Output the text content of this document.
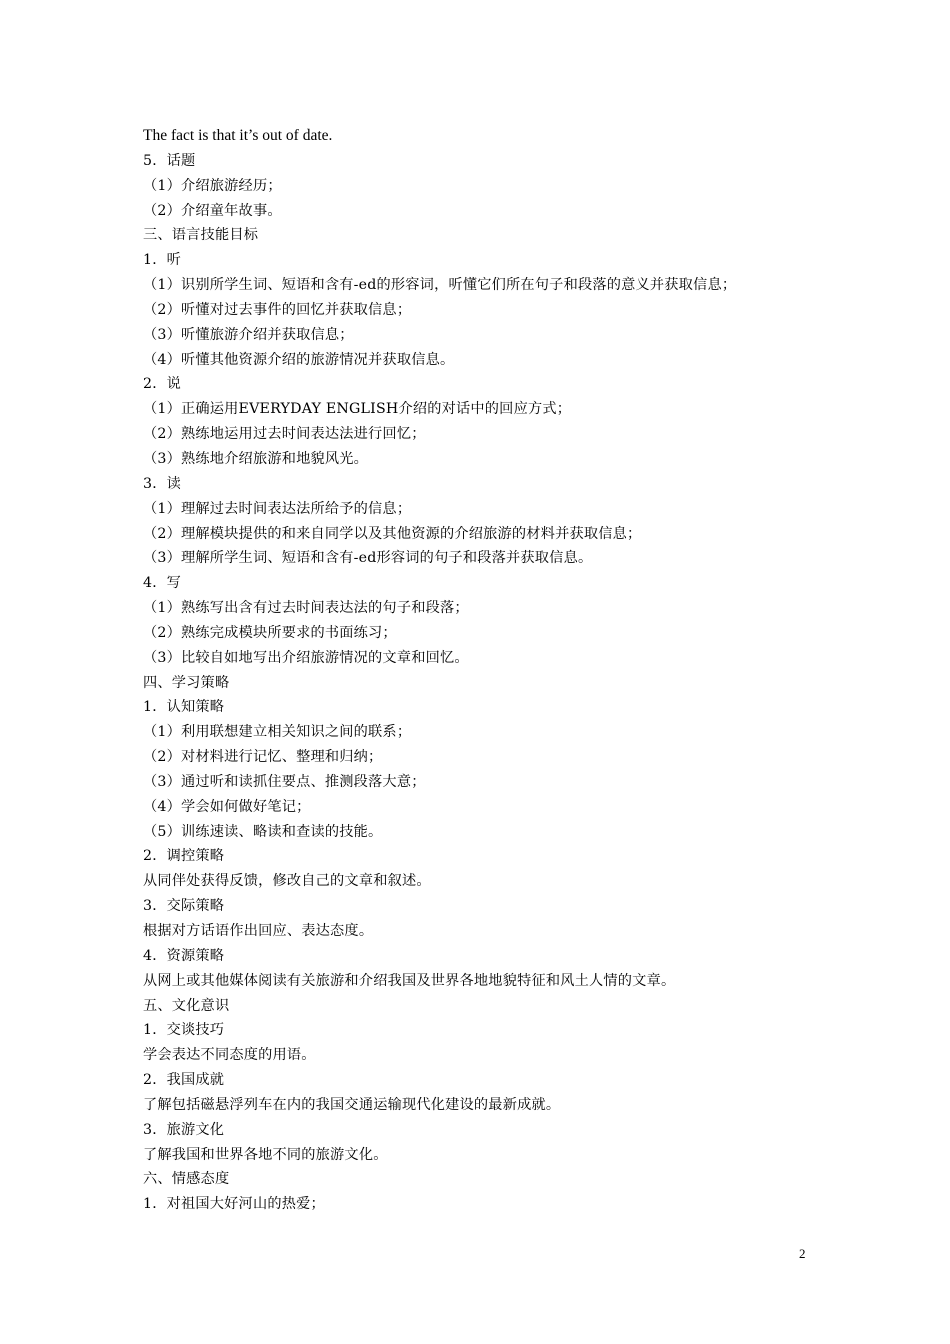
The fact is that it’s out of date.
5．话题
（1）介绍旅游经历；
（2）介绍童年故事。
三、语言技能目标
1．听
（1）识别所学生词、短语和含有-ed的形容词，听懂它们所在句子和段落的意义并获取信息；
（2）听懂对过去事件的回忆并获取信息；
（3）听懂旅游介绍并获取信息；
（4）听懂其他资源介绍的旅游情况并获取信息。
2．说
（1）正确运用EVERYDAY ENGLISH介绍的对话中的回应方式；
（2）熟练地运用过去时间表达法进行回忆；
（3）熟练地介绍旅游和地貌风光。
3．读
（1）理解过去时间表达法所给予的信息；
（2）理解模块提供的和来自同学以及其他资源的介绍旅游的材料并获取信息；
（3）理解所学生词、短语和含有-ed形容词的句子和段落并获取信息。
4．写
（1）熟练写出含有过去时间表达法的句子和段落；
（2）熟练完成模块所要求的书面练习；
（3）比较自如地写出介绍旅游情况的文章和回忆。
四、学习策略
1．认知策略
（1）利用联想建立相关知识之间的联系；
（2）对材料进行记忆、整理和归纳；
（3）通过听和读抓住要点、推测段落大意；
（4）学会如何做好笔记；
（5）训练速读、略读和查读的技能。
2．调控策略
从同伴处获得反馈，修改自己的文章和叙述。
3．交际策略
根据对方话语作出回应、表达态度。
4．资源策略
从网上或其他媒体阅读有关旅游和介绍我国及世界各地地貌特征和风土人情的文章。
五、文化意识
1．交谈技巧
学会表达不同态度的用语。
2．我国成就
了解包括磁悬浮列车在内的我国交通运输现代化建设的最新成就。
3．旅游文化
了解我国和世界各地不同的旅游文化。
六、情感态度
1．对祖国大好河山的热爱；
2
